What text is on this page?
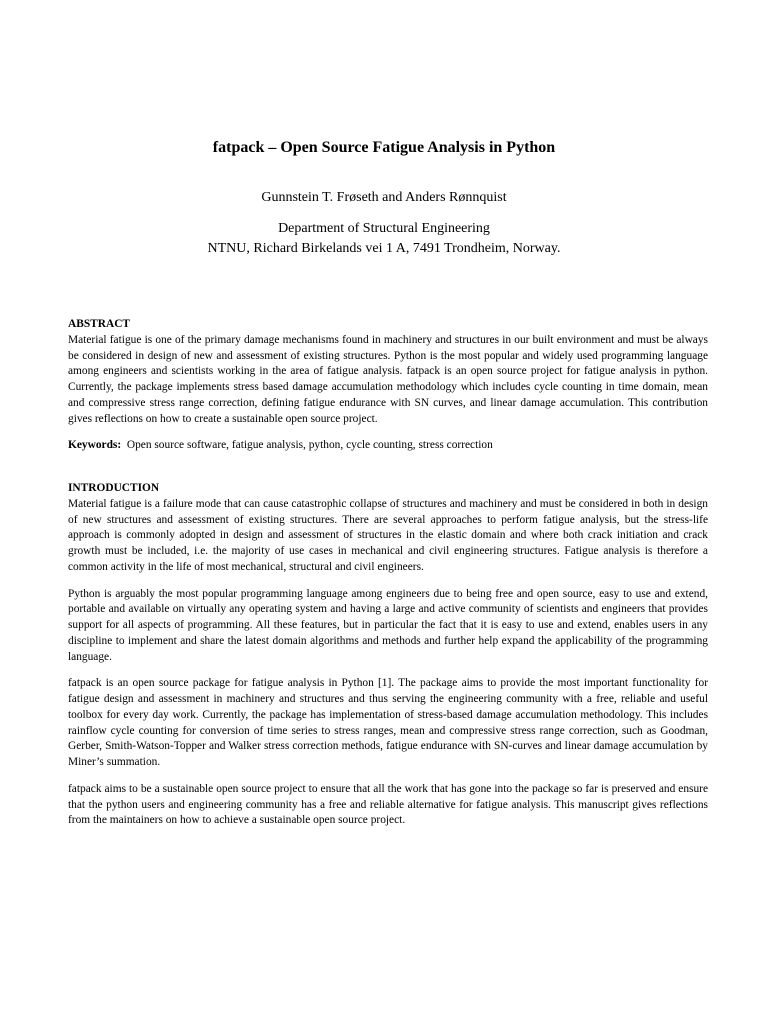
fatpack – Open Source Fatigue Analysis in Python
Gunnstein T. Frøseth and Anders Rønnquist
Department of Structural Engineering
NTNU, Richard Birkelands vei 1 A, 7491 Trondheim, Norway.
ABSTRACT

Material fatigue is one of the primary damage mechanisms found in machinery and structures in our built environment and must be always be considered in design of new and assessment of existing structures. Python is the most popular and widely used programming language among engineers and scientists working in the area of fatigue analysis. fatpack is an open source project for fatigue analysis in python. Currently, the package implements stress based damage accumulation methodology which includes cycle counting in time domain, mean and compressive stress range correction, defining fatigue endurance with SN curves, and linear damage accumulation. This contribution gives reflections on how to create a sustainable open source project.

Keywords: Open source software, fatigue analysis, python, cycle counting, stress correction
INTRODUCTION

Material fatigue is a failure mode that can cause catastrophic collapse of structures and machinery and must be considered in both in design of new structures and assessment of existing structures. There are several approaches to perform fatigue analysis, but the stress-life approach is commonly adopted in design and assessment of structures in the elastic domain and where both crack initiation and crack growth must be included, i.e. the majority of use cases in mechanical and civil engineering structures. Fatigue analysis is therefore a common activity in the life of most mechanical, structural and civil engineers.

Python is arguably the most popular programming language among engineers due to being free and open source, easy to use and extend, portable and available on virtually any operating system and having a large and active community of scientists and engineers that provides support for all aspects of programming. All these features, but in particular the fact that it is easy to use and extend, enables users in any discipline to implement and share the latest domain algorithms and methods and further help expand the applicability of the programming language.

fatpack is an open source package for fatigue analysis in Python [1]. The package aims to provide the most important functionality for fatigue design and assessment in machinery and structures and thus serving the engineering community with a free, reliable and useful toolbox for every day work. Currently, the package has implementation of stress-based damage accumulation methodology. This includes rainflow cycle counting for conversion of time series to stress ranges, mean and compressive stress range correction, such as Goodman, Gerber, Smith-Watson-Topper and Walker stress correction methods, fatigue endurance with SN-curves and linear damage accumulation by Miner’s summation.

fatpack aims to be a sustainable open source project to ensure that all the work that has gone into the package so far is preserved and ensure that the python users and engineering community has a free and reliable alternative for fatigue analysis. This manuscript gives reflections from the maintainers on how to achieve a sustainable open source project.
